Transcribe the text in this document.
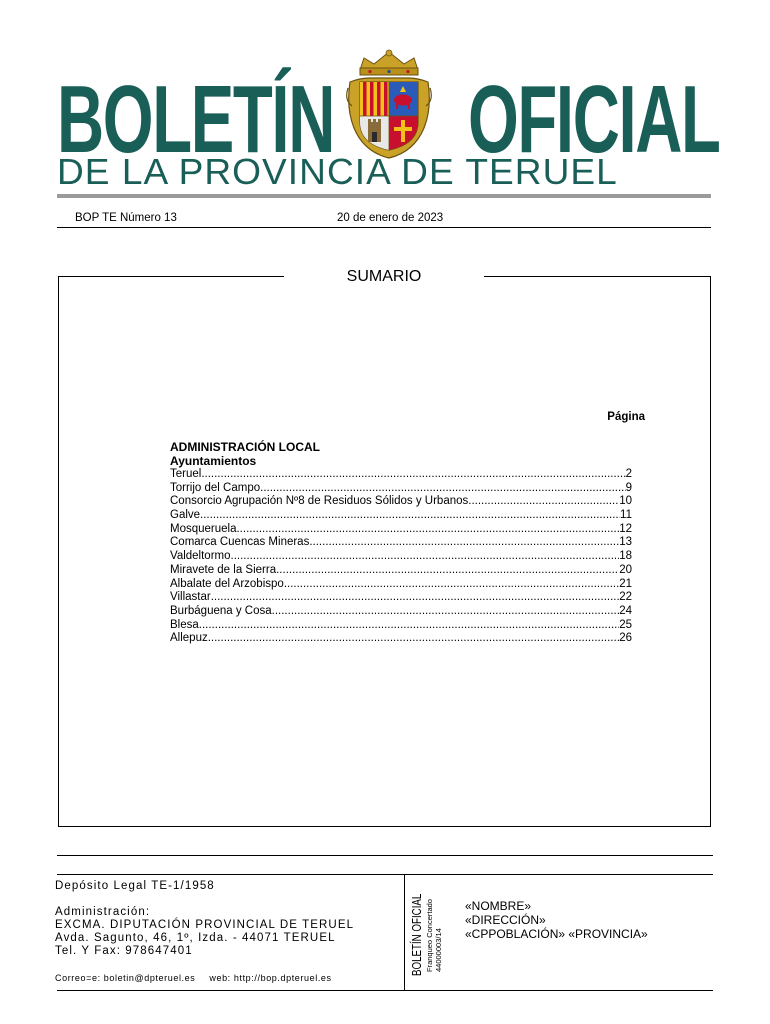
BOLETÍN OFICIAL
DE LA PROVINCIA DE TERUEL
BOP TE Número 13	20 de enero de 2023
SUMARIO
Página
ADMINISTRACIÓN LOCAL
Ayuntamientos
Teruel .....	2
Torrijo del Campo .....	9
Consorcio Agrupación Nº8 de Residuos Sólidos y Urbanos .....	10
Galve .....	11
Mosqueruela .....	12
Comarca Cuencas Mineras .....	13
Valdeltormo .....	18
Miravete de la Sierra .....	20
Albalate del Arzobispo .....	21
Villastar .....	22
Burbáguena y Cosa .....	24
Blesa .....	25
Allepuz .....	26
Depósito Legal TE-1/1958
Administración:
EXCMA. DIPUTACIÓN PROVINCIAL DE TERUEL
Avda. Sagunto, 46, 1º, Izda. - 44071 TERUEL
Tel. Y Fax: 978647401
Correo=e: boletin@dpteruel.es web: http://bop.dpteruel.es
BOLETÍN OFICIAL Franqueo Concertado 44000003/14
«NOMBRE»
«DIRECCIÓN»
«CPPOBLACIÓN» «PROVINCIA»
